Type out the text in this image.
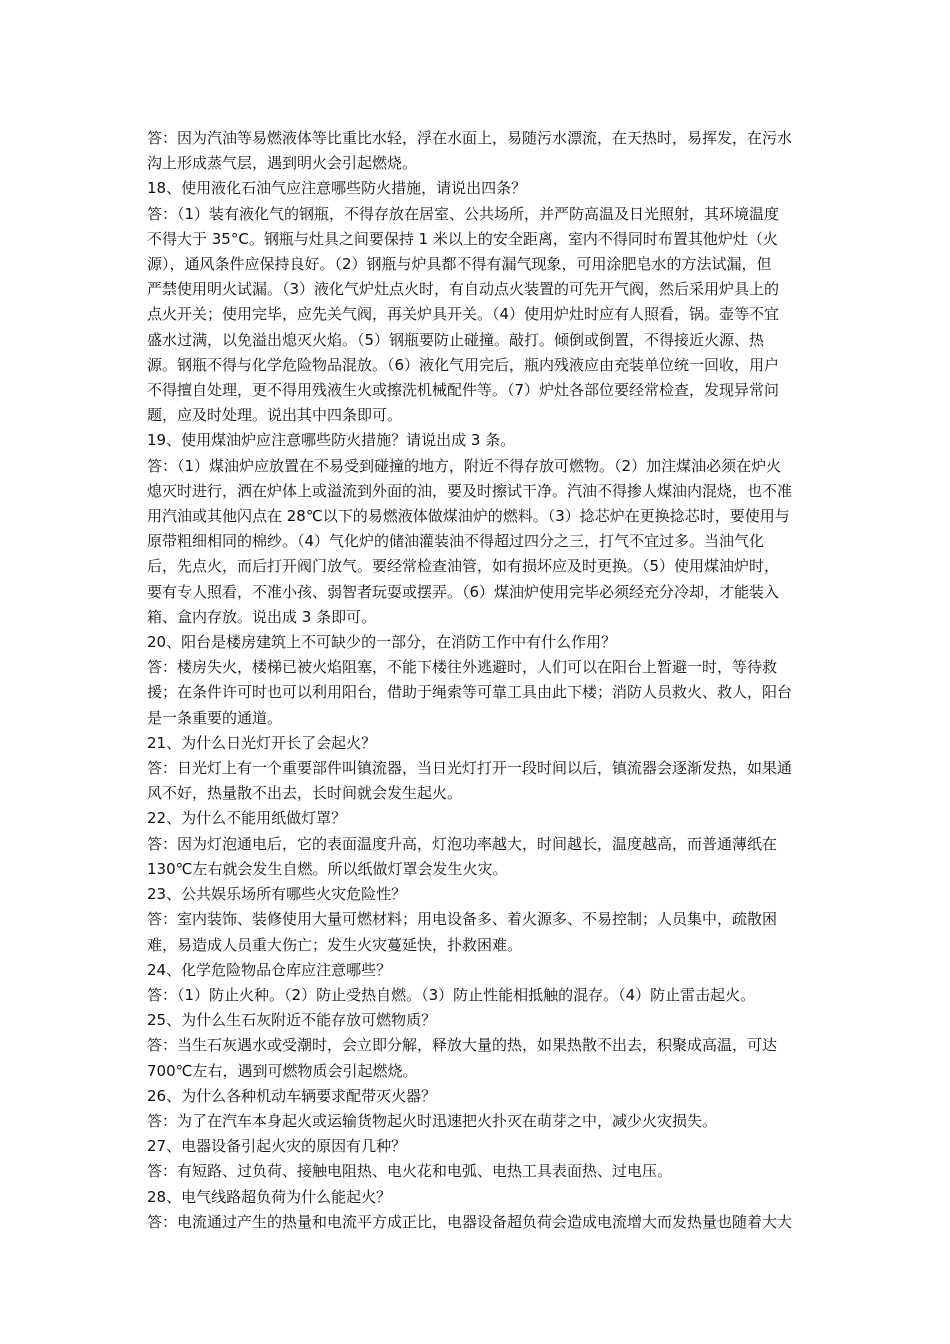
答：因为汽油等易燃液体等比重比水轻，浮在水面上，易随污水漂流，在天热时，易挥发，在污水
沟上形成蒸气层，遇到明火会引起燃烧。
18、使用液化石油气应注意哪些防火措施，请说出四条？
答：（1）装有液化气的钢瓶，不得存放在居室、公共场所，并严防高温及日光照射，其环境温度
不得大于 35°C。钢瓶与灶具之间要保持 1 米以上的安全距离，室内不得同时布置其他炉灶（火
源），通风条件应保持良好。（2）钢瓶与炉具都不得有漏气现象，可用涂肥皂水的方法试漏，但
严禁使用明火试漏。（3）液化气炉灶点火时，有自动点火装置的可先开气阀，然后采用炉具上的
点火开关；使用完毕，应先关气阀，再关炉具开关。（4）使用炉灶时应有人照看，锅。壶等不宜
盛水过满，以免溢出熄灭火焰。（5）钢瓶要防止碰撞。敲打。倾倒或倒置，不得接近火源、热
源。钢瓶不得与化学危险物品混放。（6）液化气用完后，瓶内残液应由充装单位统一回收，用户
不得擅自处理，更不得用残液生火或擦洗机械配件等。（7）炉灶各部位要经常检查，发现异常问
题，应及时处理。说出其中四条即可。
19、使用煤油炉应注意哪些防火措施？请说出成 3 条。
答：（1）煤油炉应放置在不易受到碰撞的地方，附近不得存放可燃物。（2）加注煤油必须在炉火
熄灭时进行，洒在炉体上或溢流到外面的油，要及时擦试干净。汽油不得掺人煤油内混烧，也不准
用汽油或其他闪点在 28℃以下的易燃液体做煤油炉的燃料。（3）捻芯炉在更换捻芯时，要使用与
原带粗细相同的棉纱。（4）气化炉的储油灌装油不得超过四分之三，打气不宜过多。当油气化
后，先点火，而后打开阀门放气。要经常检查油管，如有损坏应及时更换。（5）使用煤油炉时，
要有专人照看，不准小孩、弱智者玩耍或摆弄。（6）煤油炉使用完毕必须经充分冷却，才能装入
箱、盒内存放。说出成 3 条即可。
20、阳台是楼房建筑上不可缺少的一部分，在消防工作中有什么作用？
答：楼房失火，楼梯已被火焰阻塞，不能下楼往外逃避时，人们可以在阳台上暂避一时，等待救
援；在条件许可时也可以利用阳台，借助于绳索等可靠工具由此下楼；消防人员救火、救人，阳台
是一条重要的通道。
21、为什么日光灯开长了会起火？
答：日光灯上有一个重要部件叫镇流器，当日光灯打开一段时间以后，镇流器会逐渐发热，如果通
风不好，热量散不出去，长时间就会发生起火。
22、为什么不能用纸做灯罩？
答：因为灯泡通电后，它的表面温度升高，灯泡功率越大，时间越长，温度越高，而普通薄纸在
130℃左右就会发生自燃。所以纸做灯罩会发生火灾。
23、公共娱乐场所有哪些火灾危险性？
答：室内装饰、装修使用大量可燃材料；用电设备多、着火源多、不易控制；人员集中，疏散困
难，易造成人员重大伤亡；发生火灾蔓延快，扑救困难。
24、化学危险物品仓库应注意哪些？
答：（1）防止火种。（2）防止受热自燃。（3）防止性能相抵触的混存。（4）防止雷击起火。
25、为什么生石灰附近不能存放可燃物质？
答：当生石灰遇水或受潮时，会立即分解，释放大量的热，如果热散不出去，积聚成高温，可达
700℃左右，遇到可燃物质会引起燃烧。
26、为什么各种机动车辆要求配带灭火器？
答：为了在汽车本身起火或运输货物起火时迅速把火扑灭在萌芽之中，减少火灾损失。
27、电器设备引起火灾的原因有几种？
答：有短路、过负荷、接触电阻热、电火花和电弧、电热工具表面热、过电压。
28、电气线路超负荷为什么能起火？
答：电流通过产生的热量和电流平方成正比，电器设备超负荷会造成电流增大而发热量也随着大大
